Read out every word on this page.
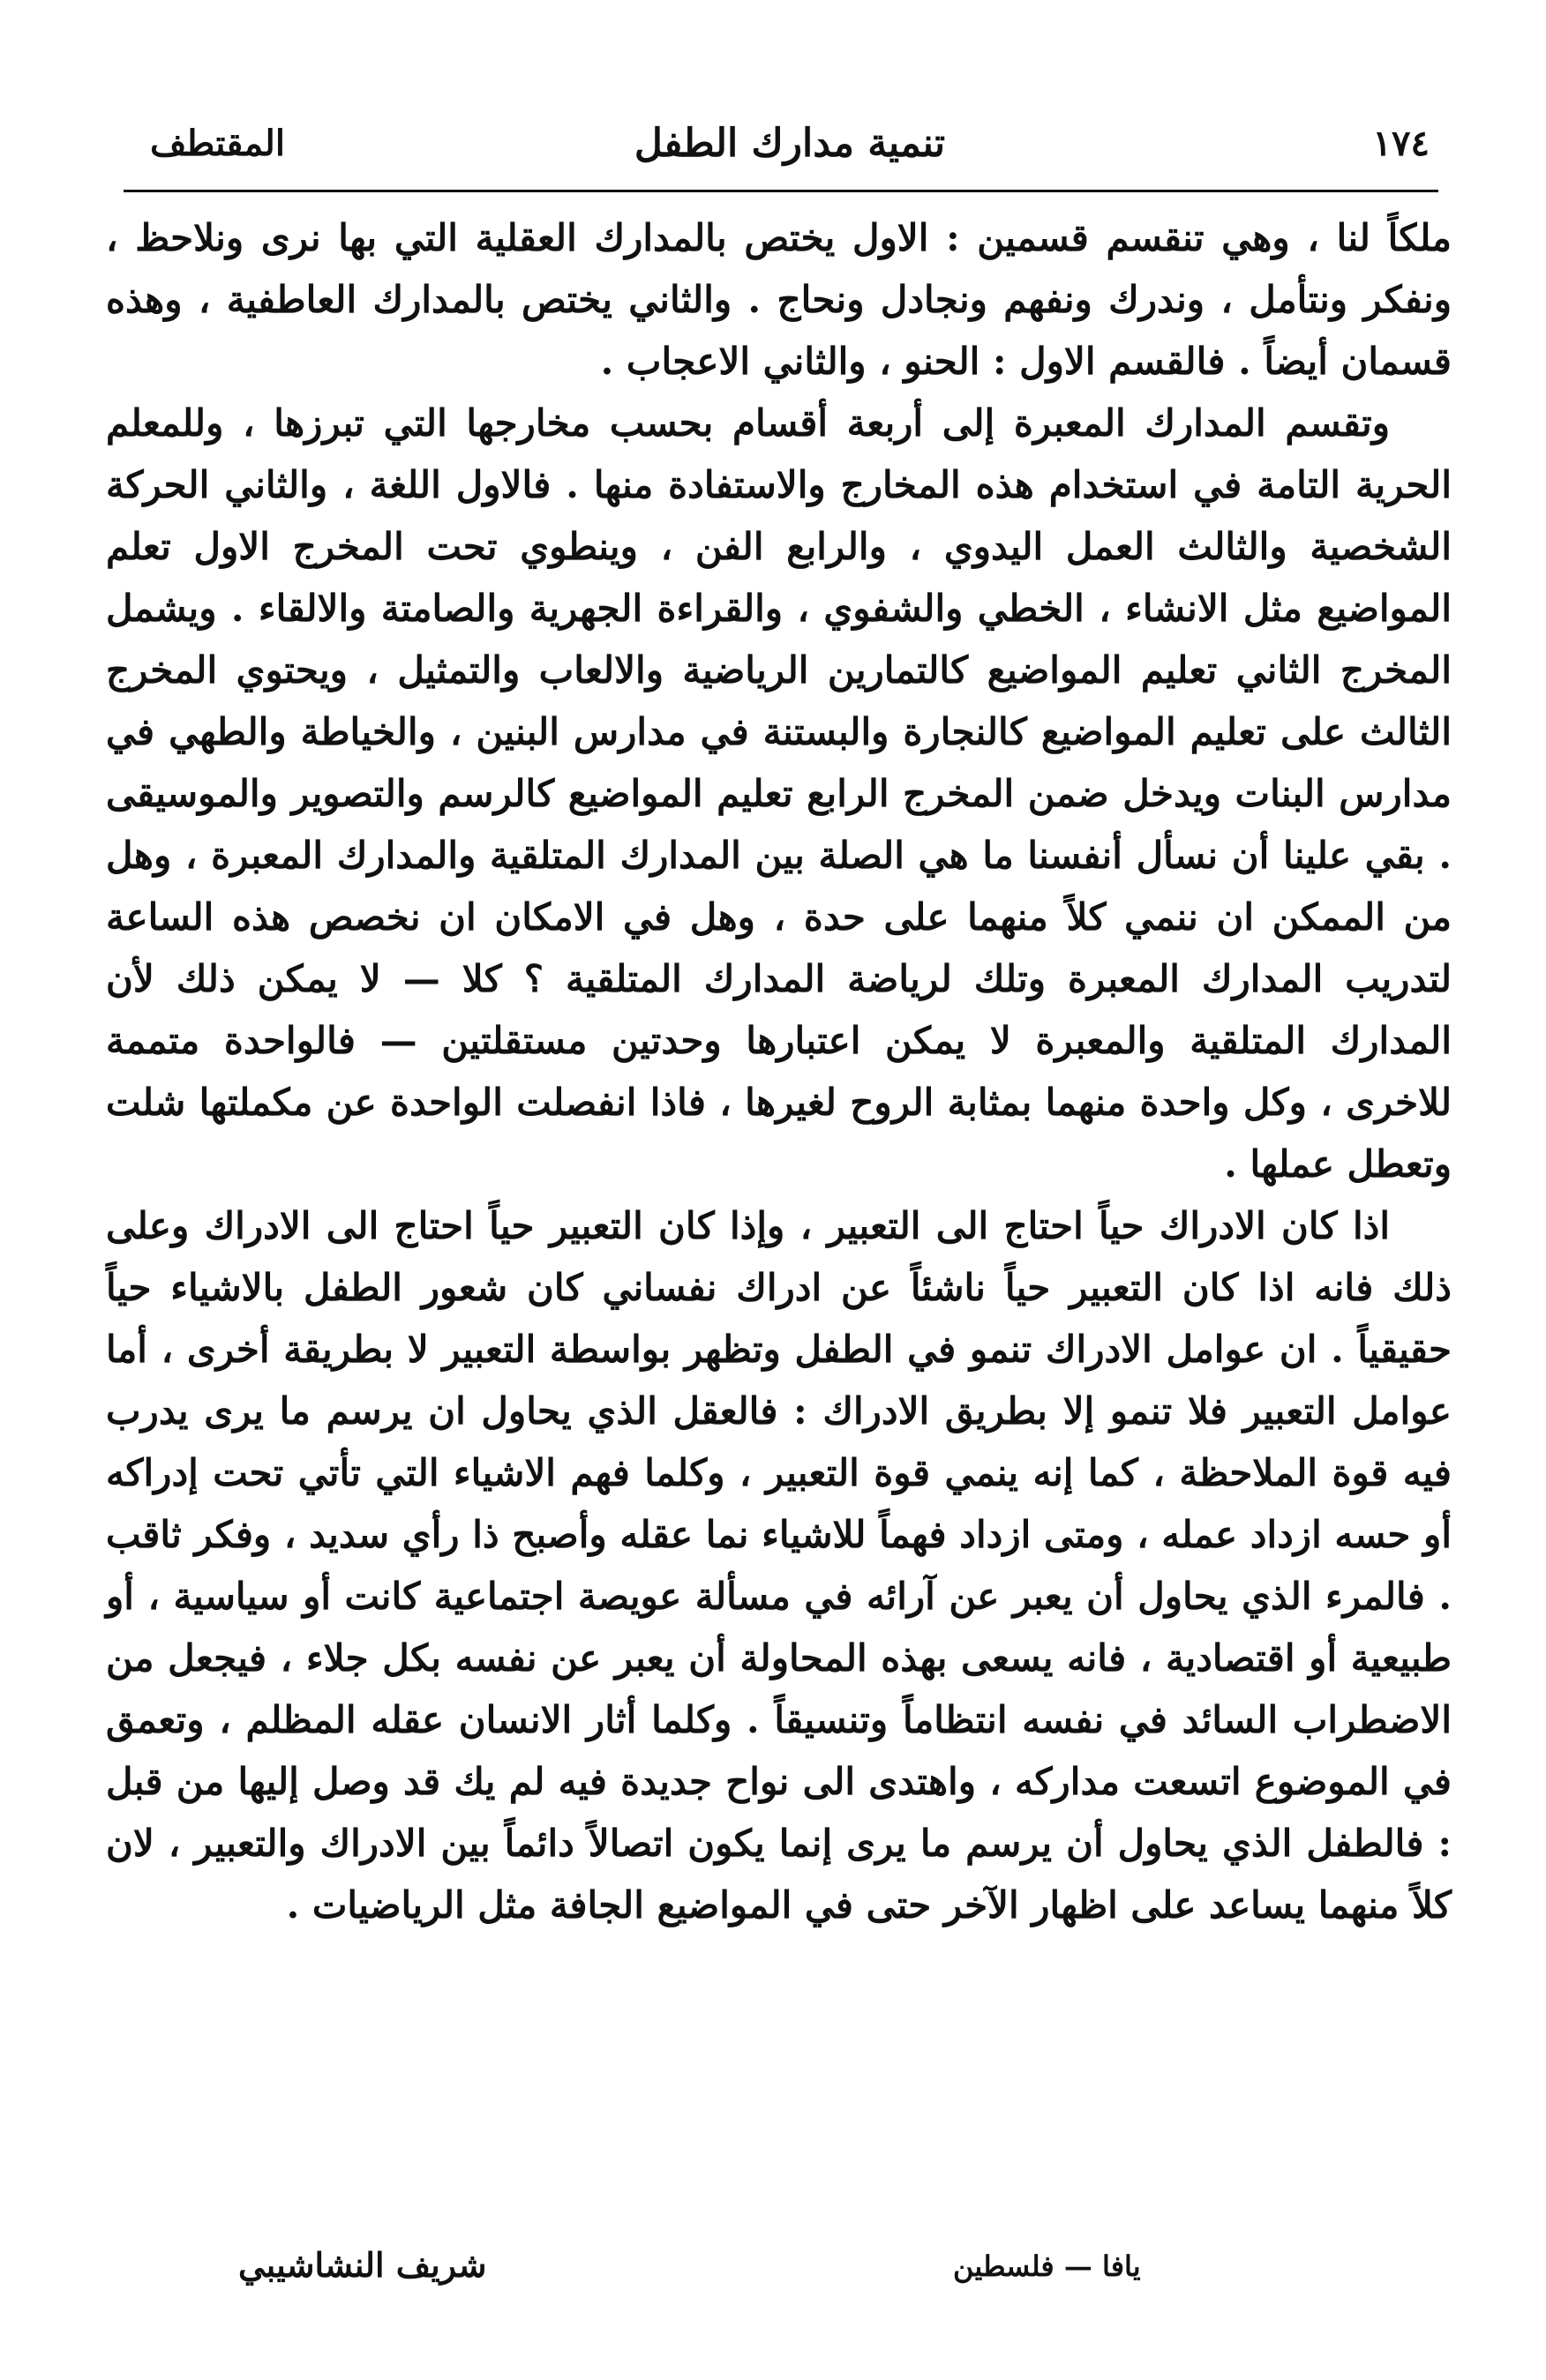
١٧٤
تنمية مدارك الطفل
المقتطف

ملكاً لنا ، وهي تنقسم قسمين : الاول يختص بالمدارك العقلية التي بها نرى ونلاحظ ، ونفكر ونتأمل ، وندرك ونفهم ونجادل ونحاج . والثاني يختص بالمدارك العاطفية ، وهذه قسمان أيضاً . فالقسم الاول : الحنو ، والثاني الاعجاب .

وتقسم المدارك المعبرة إلى أربعة أقسام بحسب مخارجها التي تبرزها ، وللمعلم الحرية التامة في استخدام هذه المخارج والاستفادة منها . فالاول اللغة ، والثاني الحركة الشخصية والثالث العمل اليدوي ، والرابع الفن ، وينطوي تحت المخرج الاول تعلم المواضيع مثل الانشاء ، الخطي والشفوي ، والقراءة الجهرية والصامتة والالقاء . ويشمل المخرج الثاني تعليم المواضيع كالتمارين الرياضية والالعاب والتمثيل ، ويحتوي المخرج الثالث على تعليم المواضيع كالنجارة والبستنة في مدارس البنين ، والخياطة والطهي في مدارس البنات ويدخل ضمن المخرج الرابع تعليم المواضيع كالرسم والتصوير والموسيقى . بقي علينا أن نسأل أنفسنا ما هي الصلة بين المدارك المتلقية والمدارك المعبرة ، وهل من الممكن ان ننمي كلاً منهما على حدة ، وهل في الامكان ان نخصص هذه الساعة لتدريب المدارك المعبرة وتلك لرياضة المدارك المتلقية ؟ كلا — لا يمكن ذلك لأن المدارك المتلقية والمعبرة لا يمكن اعتبارها وحدتين مستقلتين — فالواحدة متممة للاخرى ، وكل واحدة منهما بمثابة الروح لغيرها ، فاذا انفصلت الواحدة عن مكملتها شلت وتعطل عملها .

اذا كان الادراك حياً احتاج الى التعبير ، وإذا كان التعبير حياً احتاج الى الادراك وعلى ذلك فانه اذا كان التعبير حياً ناشئاً عن ادراك نفساني كان شعور الطفل بالاشياء حياً حقيقياً . ان عوامل الادراك تنمو في الطفل وتظهر بواسطة التعبير لا بطريقة أخرى ، أما عوامل التعبير فلا تنمو إلا بطريق الادراك : فالعقل الذي يحاول ان يرسم ما يرى يدرب فيه قوة الملاحظة ، كما إنه ينمي قوة التعبير ، وكلما فهم الاشياء التي تأتي تحت إدراكه أو حسه ازداد عمله ، ومتى ازداد فهماً للاشياء نما عقله وأصبح ذا رأي سديد ، وفكر ثاقب . فالمرء الذي يحاول أن يعبر عن آرائه في مسألة عويصة اجتماعية كانت أو سياسية ، أو طبيعية أو اقتصادية ، فانه يسعى بهذه المحاولة أن يعبر عن نفسه بكل جلاء ، فيجعل من الاضطراب السائد في نفسه انتظاماً وتنسيقاً . وكلما أثار الانسان عقله المظلم ، وتعمق في الموضوع اتسعت مداركه ، واهتدى الى نواح جديدة فيه لم يك قد وصل إليها من قبل : فالطفل الذي يحاول أن يرسم ما يرى إنما يكون اتصالاً دائماً بين الادراك والتعبير ، لان كلاً منهما يساعد على اظهار الآخر حتى في المواضيع الجافة مثل الرياضيات .

يافا — فلسطين
شريف النشاشيبي
